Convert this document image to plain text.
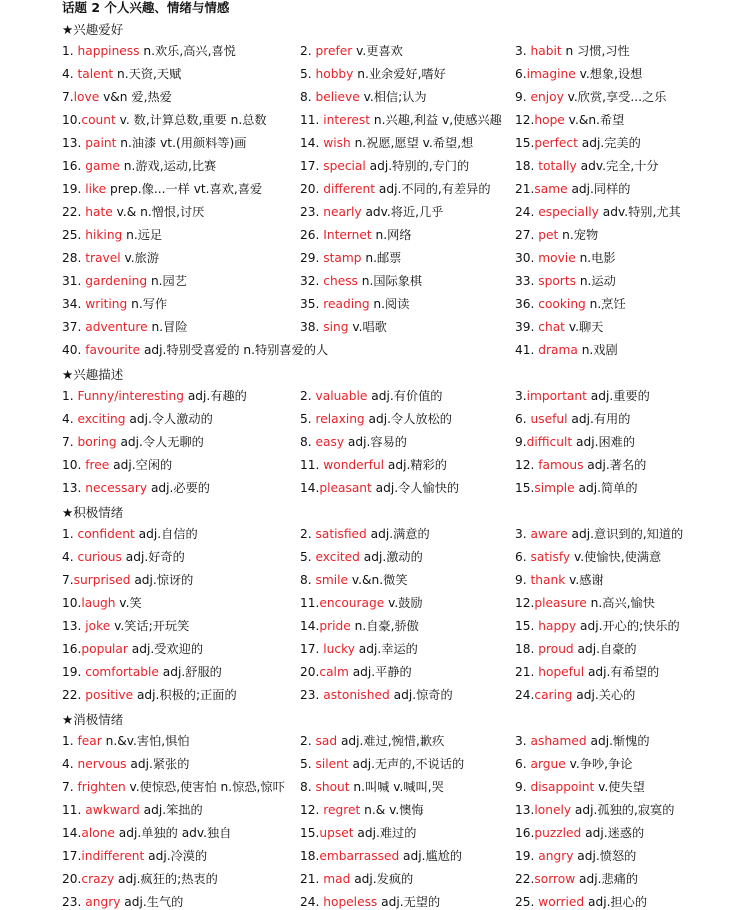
话题 2 个人兴趣、情绪与情感
★兴趣爱好
1. happiness n.欢乐,高兴,喜悦	2. prefer v.更喜欢	3. habit n 习惯,习性
4. talent n.天资,天赋	5. hobby n.业余爱好,嗜好	6.imagine v.想象,设想
7.love v&n 爱,热爱	8. believe v.相信;认为	9. enjoy v.欣赏,享受...之乐
10.count v. 数,计算总数,重要 n.总数	11. interest n.兴趣,利益 v,使感兴趣 12.hope v.&n.希望
13. paint n.油漆 vt.(用颜料等)画	14. wish n.祝愿,愿望 v.希望,想	15.perfect adj.完美的
16. game n.游戏,运动,比赛	17. special adj.特别的,专门的	18. totally adv.完全,十分
19. like prep.像...一样 vt.喜欢,喜爱	20. different adj.不同的,有差异的 21.same adj.同样的
22. hate v.& n.憎恨,讨厌	23. nearly adv.将近,几乎	24. especially adv.特别,尤其
25. hiking n.远足	26. Internet n.网络	27. pet n.宠物
28. travel v.旅游	29. stamp n.邮票	30. movie n.电影
31. gardening n.园艺	32. chess n.国际象棋	33. sports n.运动
34. writing n.写作	35. reading n.阅读	36. cooking n.烹饪
37. adventure n.冒险	38. sing v.唱歌	39. chat v.聊天
40. favourite adj.特别受喜爱的 n.特别喜爱的人	41. drama n.戏剧
★兴趣描述
1. Funny/interesting adj.有趣的	2. valuable adj.有价值的	3.important adj.重要的
4. exciting adj.令人激动的	5. relaxing adj.令人放松的	6. useful adj.有用的
7. boring adj.令人无聊的	8. easy adj.容易的	9.difficult adj.困难的
10. free adj.空闲的	11. wonderful adj.精彩的	12. famous adj.著名的
13. necessary adj.必要的	14.pleasant adj.令人愉快的	15.simple adj.简单的
★积极情绪
1. confident adj.自信的	2. satisfied adj.满意的	3. aware adj.意识到的,知道的
4. curious adj.好奇的	5. excited adj.激动的	6. satisfy v.使愉快,使满意
7.surprised adj.惊讶的	8. smile v.&n.微笑	9. thank v.感谢
10.laugh v.笑	11.encourage v.鼓励	12.pleasure n.高兴,愉快
13. joke v.笑话;开玩笑	14.pride n.自豪,骄傲	15. happy adj.开心的;快乐的
16.popular adj.受欢迎的	17. lucky adj.幸运的	18. proud adj.自豪的
19. comfortable adj.舒服的	20.calm adj.平静的	21. hopeful adj.有希望的
22. positive adj.积极的;正面的	23. astonished adj.惊奇的	24.caring adj.关心的
★消极情绪
1. fear n.&v.害怕,惧怕	2. sad adj.难过,惋惜,歉疚	3. ashamed adj.惭愧的
4. nervous adj.紧张的	5. silent adj.无声的,不说话的	6. argue v.争吵,争论
7. frighten v.使惊恐,使害怕 n.惊恐,惊吓 8. shout n.叫喊 v.喊叫,哭	9. disappoint v.使失望
11. awkward adj.笨拙的	12. regret n.& v.懊悔	13.lonely adj.孤独的,寂寞的
14.alone adj.单独的 adv.独自	15.upset adj.难过的	16.puzzled adj.迷惑的
17.indifferent adj.冷漠的	18.embarrassed adj.尴尬的	19. angry adj.愤怒的
20.crazy adj.疯狂的;热衷的	21. mad adj.发疯的	22.sorrow adj.悲痛的
23. angry adj.生气的	24. hopeless adj.无望的	25. worried adj.担心的
